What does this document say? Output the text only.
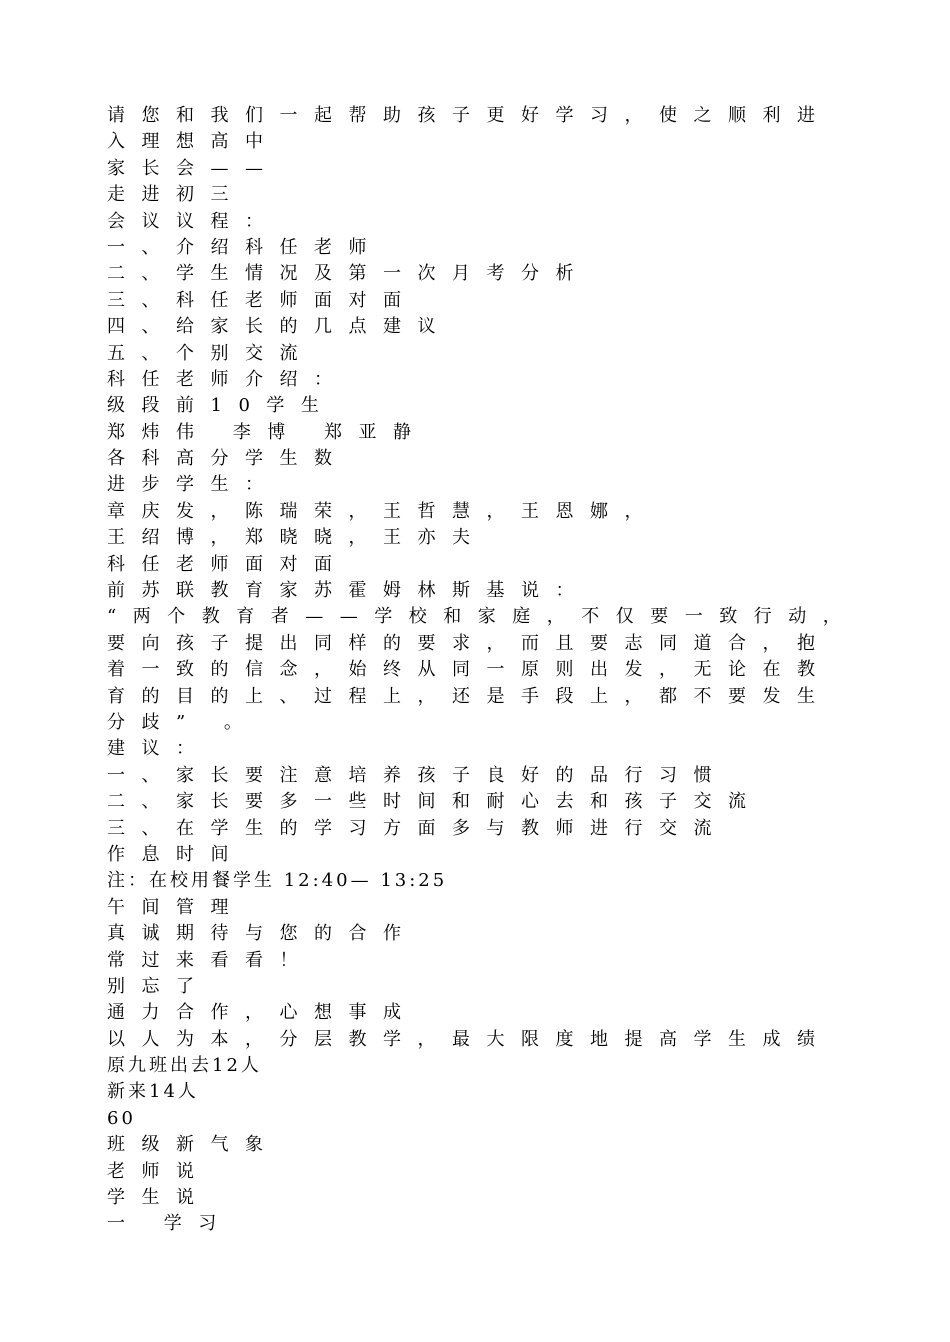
请您和我们一起帮助孩子更好学习，使之顺利进
入理想高中
家长会——
走进初三
会议议程：
一、介绍科任老师
二、学生情况及第一次月考分析
三、科任老师面对面
四、给家长的几点建议
五、个别交流
科任老师介绍：
级段前10学生
郑炜伟 李博 郑亚静
各科高分学生数
进步学生：
章庆发，陈瑞荣，王哲慧，王恩娜，
王绍博，郑晓晓，王亦夫
科任老师面对面
前苏联教育家苏霍姆林斯基说：
“两个教育者——学校和家庭，不仅要一致行动，
要向孩子提出同样的要求，而且要志同道合，抱
着一致的信念，始终从同一原则出发，无论在教
育的目的上、过程上，还是手段上，都不要发生
分歧” 。
建议：
一、家长要注意培养孩子良好的品行习惯
二、家长要多一些时间和耐心去和孩子交流
三、在学生的学习方面多与教师进行交流
作息时间
注：在校用餐学生 12:40— 13:25
午间管理
真诚期待与您的合作
常过来看看！
别忘了
通力合作，心想事成
以人为本，分层教学，最大限度地提高学生成绩
原九班出去12人
新来14人
60
班级新气象
老师说
学生说
一 学习
